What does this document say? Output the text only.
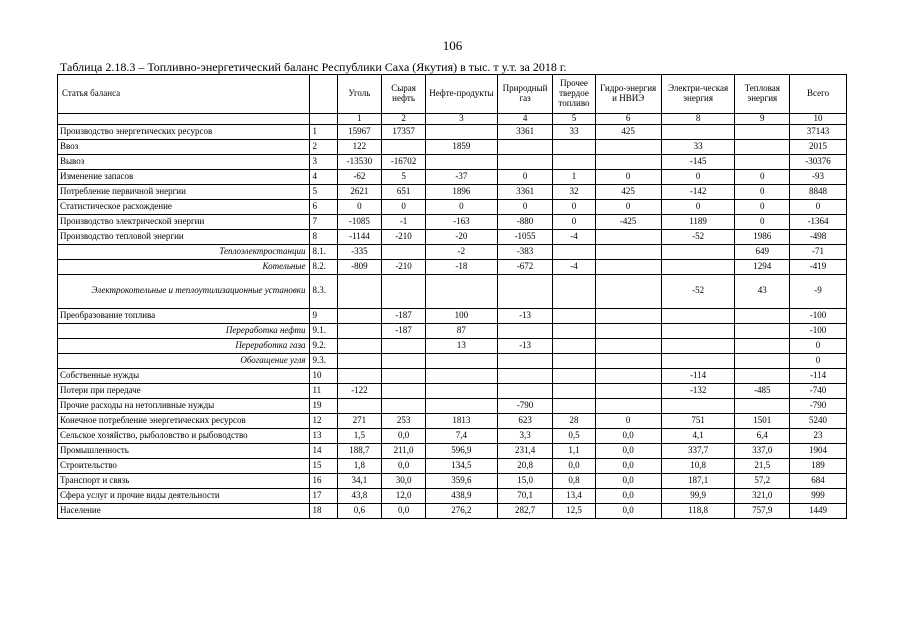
106
Таблица 2.18.3 – Топливно-энергетический баланс Республики Саха (Якутия) в тыс. т у.т. за 2018 г.
Статья баланса		Уголь	Сырая нефть	Нефте-продукты	Природный газ	Прочее твердое топливо	Гидро-энергия и НВИЭ	Электри-ческая энергия	Тепловая энергия	Всего
		1	2	3	4	5	6	8	9	10
Производство энергетических ресурсов	1	15967	17357		3361	33	425			37143
Ввоз	2	122		1859				33		2015
Вывоз	3	-13530	-16702					-145		-30376
Изменение запасов	4	-62	5	-37	0	1	0	0	0	-93
Потребление первичной энергии	5	2621	651	1896	3361	32	425	-142	0	8848
Статистическое расхождение	6	0	0	0	0	0	0	0	0	0
Производство электрической энергии	7	-1085	-1	-163	-880	0	-425	1189	0	-1364
Производство тепловой энергии	8	-1144	-210	-20	-1055	-4		-52	1986	-498
Теплоэлектростанции	8.1.	-335		-2	-383				649	-71
Котельные	8.2.	-809	-210	-18	-672	-4			1294	-419
Электрокотельные и теплоутилизационные установки	8.3.							-52	43	-9
Преобразование топлива	9		-187	100	-13					-100
Переработка нефти	9.1.		-187	87						-100
Переработка газа	9.2.			13	-13					0
Обогащение угля	9.3.									0
Собственные нужды	10							-114		-114
Потери при передаче	11	-122						-132	-485	-740
Прочие расходы на нетопливные нужды	19				-790					-790
Конечное потребление энергетических ресурсов	12	271	253	1813	623	28	0	751	1501	5240
Сельское хозяйство, рыболовство и рыбоводство	13	1,5	0,0	7,4	3,3	0,5	0,0	4,1	6,4	23
Промышленность	14	188,7	211,0	596,9	231,4	1,1	0,0	337,7	337,0	1904
Строительство	15	1,8	0,0	134,5	20,8	0,0	0,0	10,8	21,5	189
Транспорт и связь	16	34,1	30,0	359,6	15,0	0,8	0,0	187,1	57,2	684
Сфера услуг и прочие виды деятельности	17	43,8	12,0	438,9	70,1	13,4	0,0	99,9	321,0	999
Население	18	0,6	0,0	276,2	282,7	12,5	0,0	118,8	757,9	1449
